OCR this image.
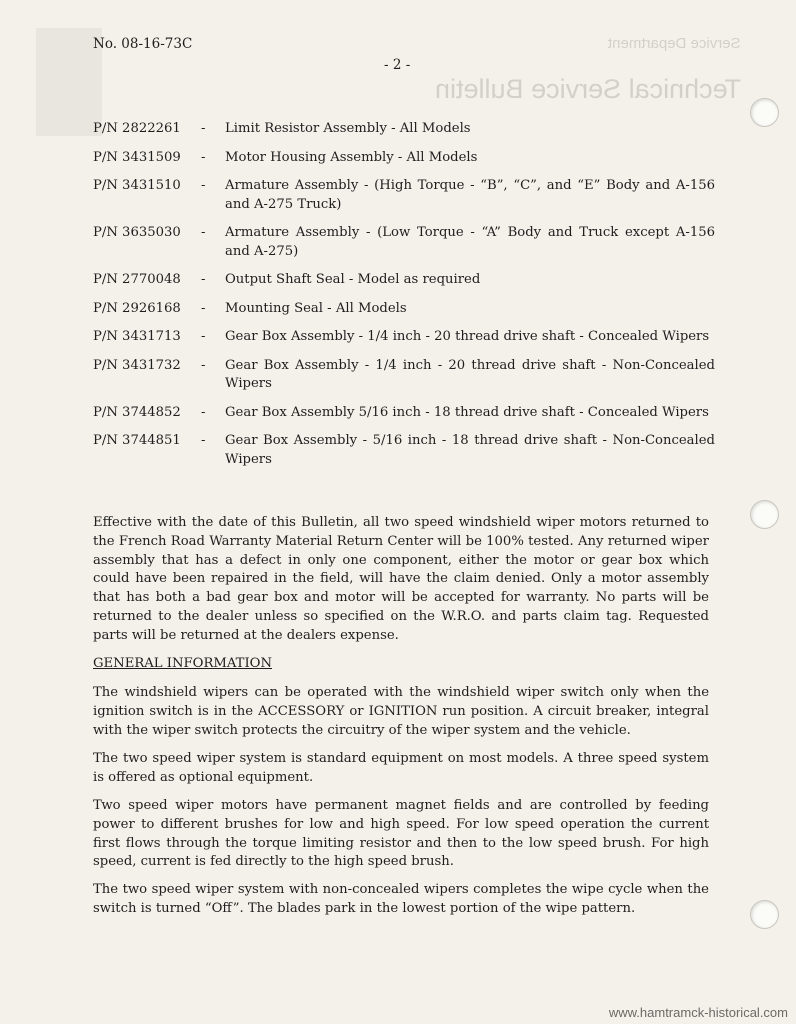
Service Department
Technical Service Bulletin
No. 08-16-73C
- 2 -
P/N 2822261	- Limit Resistor Assembly - All Models
P/N 3431509	- Motor Housing Assembly - All Models
P/N 3431510	- Armature Assembly - (High Torque - “B”, “C”, and “E” Body and A-156 and A-275 Truck)
P/N 3635030	- Armature Assembly - (Low Torque - “A” Body and Truck except A-156 and A-275)
P/N 2770048	- Output Shaft Seal - Model as required
P/N 2926168	- Mounting Seal - All Models
P/N 3431713	- Gear Box Assembly - 1/4 inch - 20 thread drive shaft - Concealed Wipers
P/N 3431732	- Gear Box Assembly - 1/4 inch - 20 thread drive shaft - Non-Concealed Wipers
P/N 3744852	- Gear Box Assembly 5/16 inch - 18 thread drive shaft - Concealed Wipers
P/N 3744851	- Gear Box Assembly - 5/16 inch - 18 thread drive shaft - Non-Concealed Wipers

Effective with the date of this Bulletin, all two speed windshield wiper motors returned to the French Road Warranty Material Return Center will be 100% tested. Any returned wiper assembly that has a defect in only one component, either the motor or gear box which could have been repaired in the field, will have the claim denied. Only a motor assembly that has both a bad gear box and motor will be accepted for warranty. No parts will be returned to the dealer unless so specified on the W.R.O. and parts claim tag. Requested parts will be returned at the dealers expense.

GENERAL INFORMATION

The windshield wipers can be operated with the windshield wiper switch only when the ignition switch is in the ACCESSORY or IGNITION run position. A circuit breaker, integral with the wiper switch protects the circuitry of the wiper system and the vehicle.

The two speed wiper system is standard equipment on most models. A three speed system is offered as optional equipment.

Two speed wiper motors have permanent magnet fields and are controlled by feeding power to different brushes for low and high speed. For low speed operation the current first flows through the torque limiting resistor and then to the low speed brush. For high speed, current is fed directly to the high speed brush.

The two speed wiper system with non-concealed wipers completes the wipe cycle when the switch is turned “Off”. The blades park in the lowest portion of the wipe pattern.

www.hamtramck-historical.com
